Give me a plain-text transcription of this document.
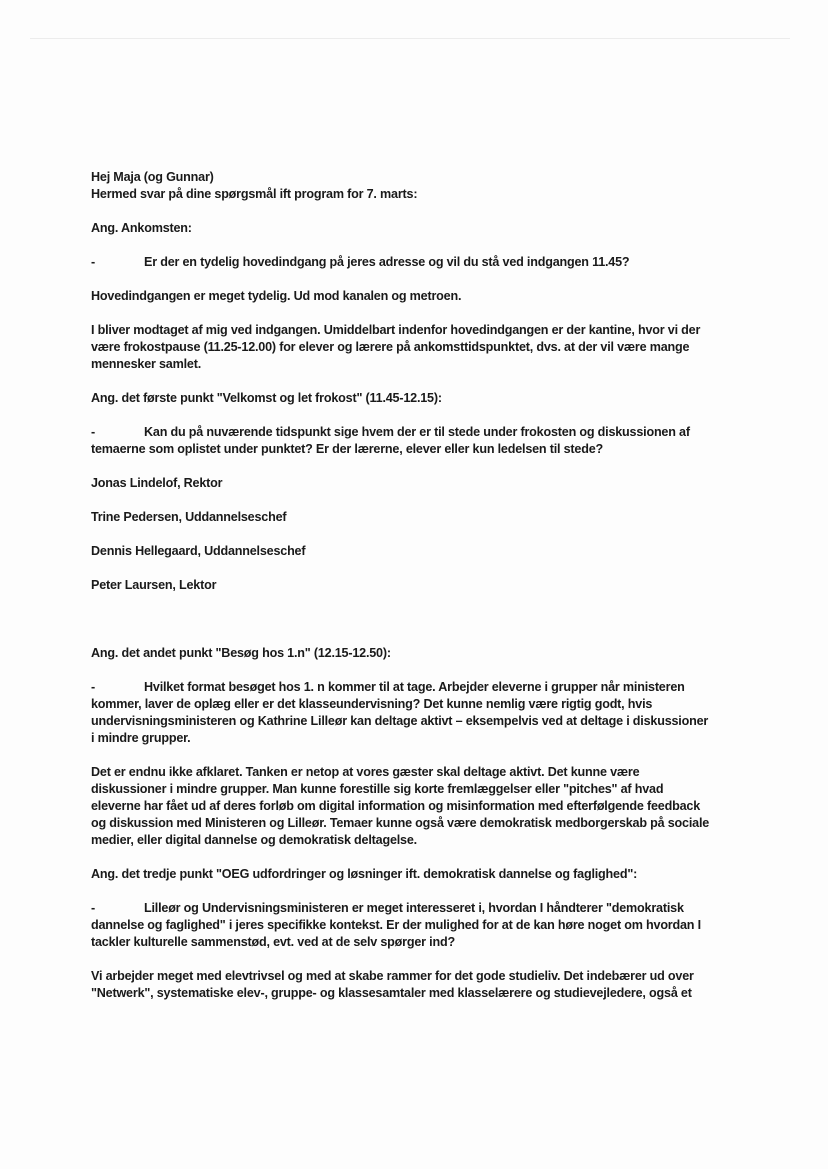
Hej Maja (og Gunnar)

Hermed svar på dine spørgsmål ift program for 7. marts:

Ang. Ankomsten:

-	Er der en tydelig hovedindgang på jeres adresse og vil du stå ved indgangen 11.45?

Hovedindgangen er meget tydelig. Ud mod kanalen og metroen.

I bliver modtaget af mig ved indgangen. Umiddelbart indenfor hovedindgangen er der kantine, hvor vi der være frokostpause (11.25-12.00) for elever og lærere på ankomsttidspunktet, dvs. at der vil være mange mennesker samlet.

Ang. det første punkt "Velkomst og let frokost" (11.45-12.15):

-	Kan du på nuværende tidspunkt sige hvem der er til stede under frokosten og diskussionen af temaerne som oplistet under punktet? Er der lærerne, elever eller kun ledelsen til stede?

Jonas Lindelof, Rektor

Trine Pedersen, Uddannelseschef

Dennis Hellegaard, Uddannelseschef

Peter Laursen, Lektor

Ang. det andet punkt "Besøg hos 1.n" (12.15-12.50):

-	Hvilket format besøget hos 1. n kommer til at tage. Arbejder eleverne i grupper når ministeren kommer, laver de oplæg eller er det klasseundervisning? Det kunne nemlig være rigtig godt, hvis undervisningsministeren og Kathrine Lilleør kan deltage aktivt – eksempelvis ved at deltage i diskussioner i mindre grupper.

Det er endnu ikke afklaret. Tanken er netop at vores gæster skal deltage aktivt. Det kunne være diskussioner i mindre grupper. Man kunne forestille sig korte fremlæggelser eller "pitches" af hvad eleverne har fået ud af deres forløb om digital information og misinformation med efterfølgende feedback og diskussion med Ministeren og Lilleør. Temaer kunne også være demokratisk medborgerskab på sociale medier, eller digital dannelse og demokratisk deltagelse.

Ang. det tredje punkt "OEG udfordringer og løsninger ift. demokratisk dannelse og faglighed":

-	Lilleør og Undervisningsministeren er meget interesseret i, hvordan I håndterer "demokratisk dannelse og faglighed" i jeres specifikke kontekst. Er der mulighed for at de kan høre noget om hvordan I tackler kulturelle sammenstød, evt. ved at de selv spørger ind?

Vi arbejder meget med elevtrivsel og med at skabe rammer for det gode studieliv. Det indebærer ud over "Netwerk", systematiske elev-, gruppe- og klassesamtaler med klasselærere og studievejledere, også et
